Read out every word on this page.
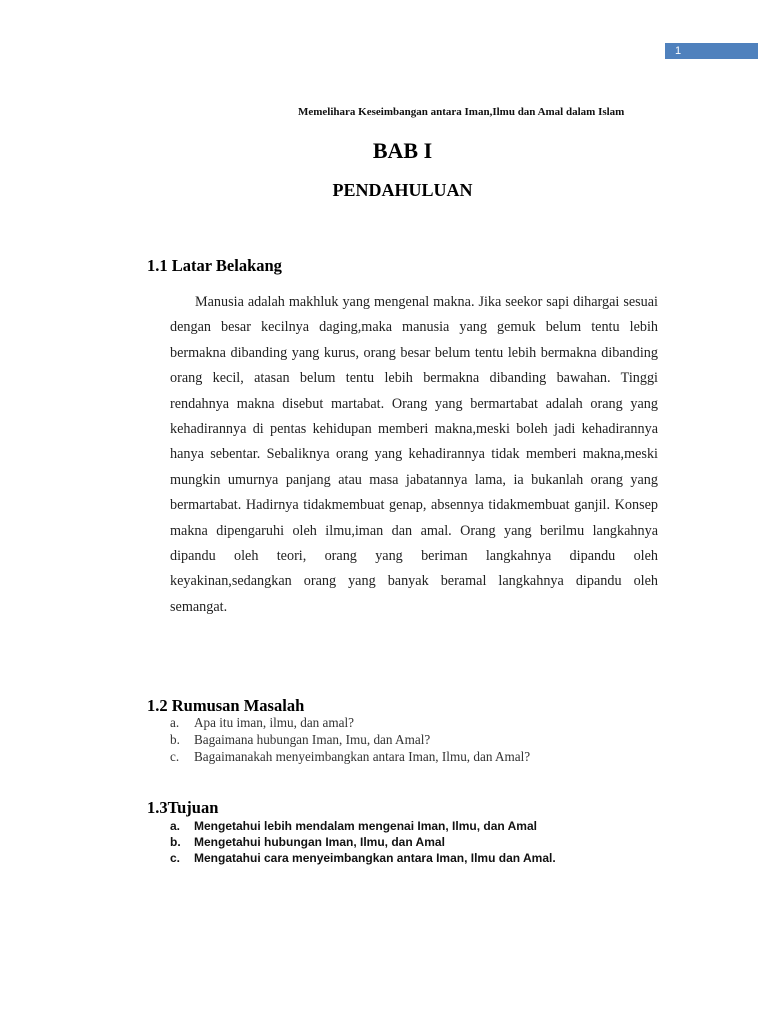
1
Memelihara Keseimbangan antara Iman,Ilmu dan Amal dalam Islam
BAB I
PENDAHULUAN
1.1 Latar Belakang

Manusia adalah makhluk yang mengenal makna. Jika seekor sapi dihargai sesuai dengan besar kecilnya daging,maka manusia yang gemuk belum tentu lebih bermakna dibanding yang kurus, orang besar belum tentu lebih bermakna dibanding orang kecil, atasan belum tentu lebih bermakna dibanding bawahan. Tinggi rendahnya makna disebut martabat. Orang yang bermartabat adalah orang yang kehadirannya di pentas kehidupan memberi makna,meski boleh jadi kehadirannya hanya sebentar. Sebaliknya orang yang kehadirannya tidak memberi makna,meski mungkin umurnya panjang atau masa jabatannya lama, ia bukanlah orang yang bermartabat. Hadirnya tidakmembuat genap, absennya tidakmembuat ganjil. Konsep makna dipengaruhi oleh ilmu,iman dan amal. Orang yang berilmu langkahnya dipandu oleh teori, orang yang beriman langkahnya dipandu oleh keyakinan,sedangkan orang yang banyak beramal langkahnya dipandu oleh semangat.

1.2 Rumusan Masalah
a.	Apa itu iman, ilmu, dan amal?
b.	Bagaimana hubungan Iman, Imu, dan Amal?
c.	Bagaimanakah menyeimbangkan antara Iman, Ilmu, dan Amal?
1.3Tujuan
a.	Mengetahui lebih mendalam mengenai Iman, Ilmu, dan Amal
b.	Mengetahui hubungan Iman, Ilmu, dan Amal
c.	Mengatahui cara menyeimbangkan antara Iman, Ilmu dan Amal.
